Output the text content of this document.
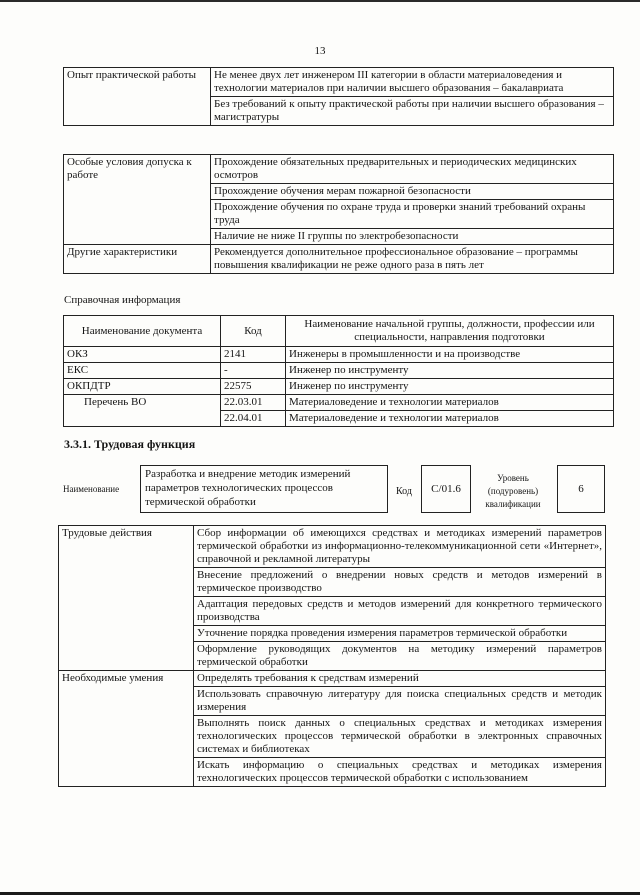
13
Опыт практической работы	Не менее двух лет инженером III категории в области материаловедения и технологии материалов при наличии высшего образования – бакалавриата
Без требований к опыту практической работы при наличии высшего образования – магистратуры
Особые условия допуска к работе	Прохождение обязательных предварительных и периодических медицинских осмотров
Прохождение обучения мерам пожарной безопасности
Прохождение обучения по охране труда и проверки знаний требований охраны труда
Наличие не ниже II группы по электробезопасности

Другие характеристики	Рекомендуется дополнительное профессиональное образование – программы повышения квалификации не реже одного раза в пять лет
Справочная информация
Наименование документа	Код	Наименование начальной группы, должности, профессии или специальности, направления подготовки
ОКЗ	2141	Инженеры в промышленности и на производстве
ЕКС	-	Инженер по инструменту
ОКПДТР	22575	Инженер по инструменту
Перечень ВО	22.03.01	Материаловедение и технологии материалов
	22.04.01	Материаловедение и технологии материалов
3.3.1. Трудовая функция
Наименование
Разработка и внедрение методик измерений параметров технологических процессов термической обработки
Код	С/01.6
Уровень (подуровень) квалификации
6
Трудовые действия	Сбор информации об имеющихся средствах и методиках измерений параметров термической обработки из информационно-телекоммуникационной сети «Интернет», справочной и рекламной литературы
Внесение предложений о внедрении новых средств и методов измерений в термическое производство
Адаптация передовых средств и методов измерений для конкретного термического производства
Уточнение порядка проведения измерения параметров термической обработки
Оформление руководящих документов на методику измерений параметров термической обработки

Необходимые умения	Определять требования к средствам измерений
Использовать справочную литературу для поиска специальных средств и методик измерения
Выполнять поиск данных о специальных средствах и методиках измерения технологических процессов термической обработки в электронных справочных системах и библиотеках
Искать информацию о специальных средствах и методиках измерения технологических процессов термической обработки с использованием
